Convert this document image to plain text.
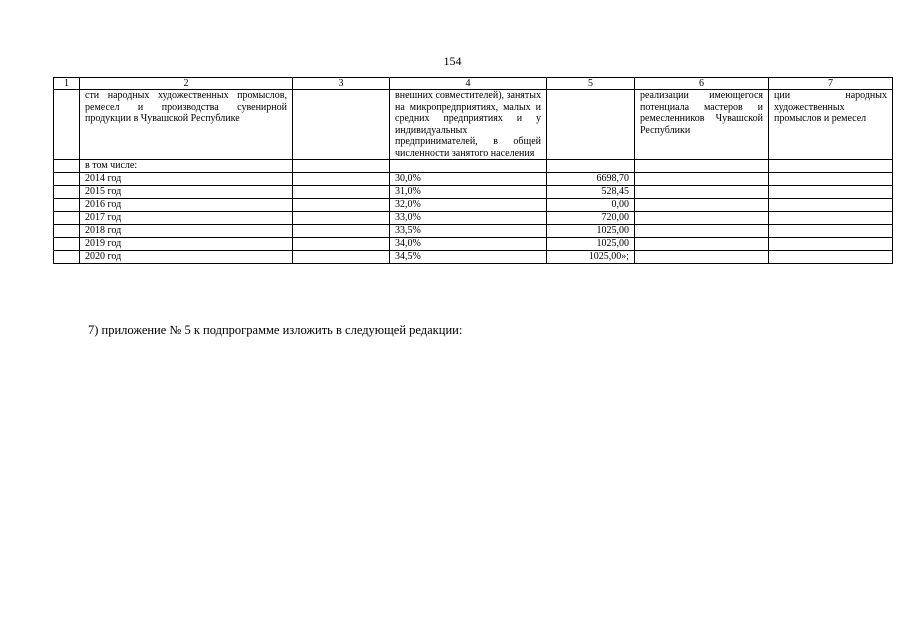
154
1	2	3	4	5	6	7
	сти народных художественных промыслов, ремесел и производства сувенирной продукции в Чувашской Республике		внешних совместителей), занятых на микропредприятиях, малых и средних предприятиях и у индивидуальных предпринимателей, в общей численности занятого населения		реализации имеющегося потенциала мастеров и ремесленников Чувашской Республики	ции народных художественных промыслов и ремесел
	в том числе:					
	2014 год		30,0%	6698,70		
	2015 год		31,0%	528,45		
	2016 год		32,0%	0,00		
	2017 год		33,0%	720,00		
	2018 год		33,5%	1025,00		
	2019 год		34,0%	1025,00		
	2020 год		34,5%	1025,00»;		
7) приложение № 5 к подпрограмме изложить в следующей редакции:
